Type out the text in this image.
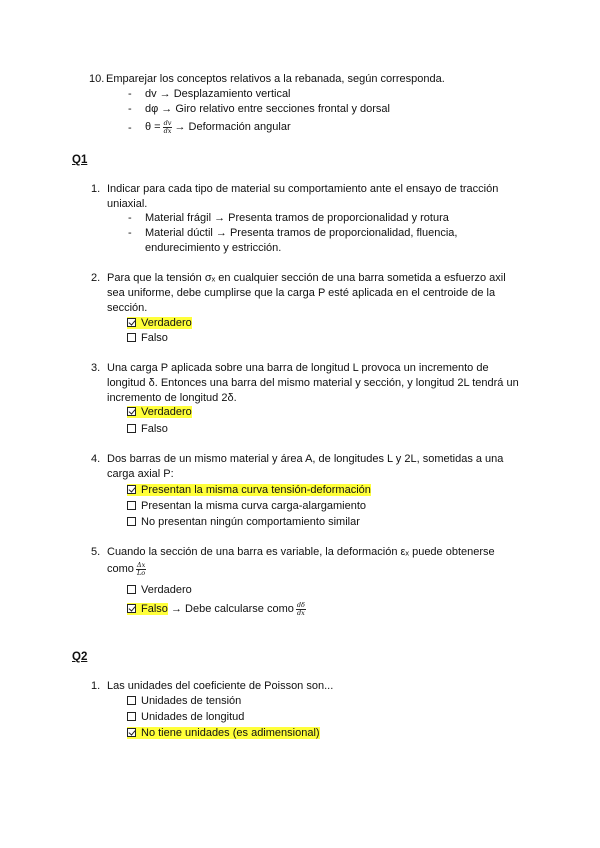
10. Emparejar los conceptos relativos a la rebanada, según corresponda.
- dv → Desplazamiento vertical
- dφ → Giro relativo entre secciones frontal y dorsal
- $\theta = \frac{dv}{dx}$ → Deformación angular
Q1
1. Indicar para cada tipo de material su comportamiento ante el ensayo de tracción
uniaxial.
- Material frágil → Presenta tramos de proporcionalidad y rotura
- Material dúctil → Presenta tramos de proporcionalidad, fluencia,
endurecimiento y estricción.
2. Para que la tensión σₓ en cualquier sección de una barra sometida a esfuerzo axil
sea uniforme, debe cumplirse que la carga P esté aplicada en el centroide de la
sección.
Verdadero
Falso
3. Una carga P aplicada sobre una barra de longitud L provoca un incremento de
longitud δ. Entonces una barra del mismo material y sección, y longitud 2L tendrá un
incremento de longitud 2δ.
Verdadero
Falso
4. Dos barras de un mismo material y área A, de longitudes L y 2L, sometidas a una
carga axial P:
Presentan la misma curva tensión-deformación
Presentan la misma curva carga-alargamiento
No presentan ningún comportamiento similar
5. Cuando la sección de una barra es variable, la deformación εₓ puede obtenerse
como $\frac{\Delta x}{Lo}$
Verdadero
Falso → Debe calcularse como $\frac{d\delta}{dx}$
Q2
1. Las unidades del coeficiente de Poisson son...
Unidades de tensión
Unidades de longitud
No tiene unidades (es adimensional)
